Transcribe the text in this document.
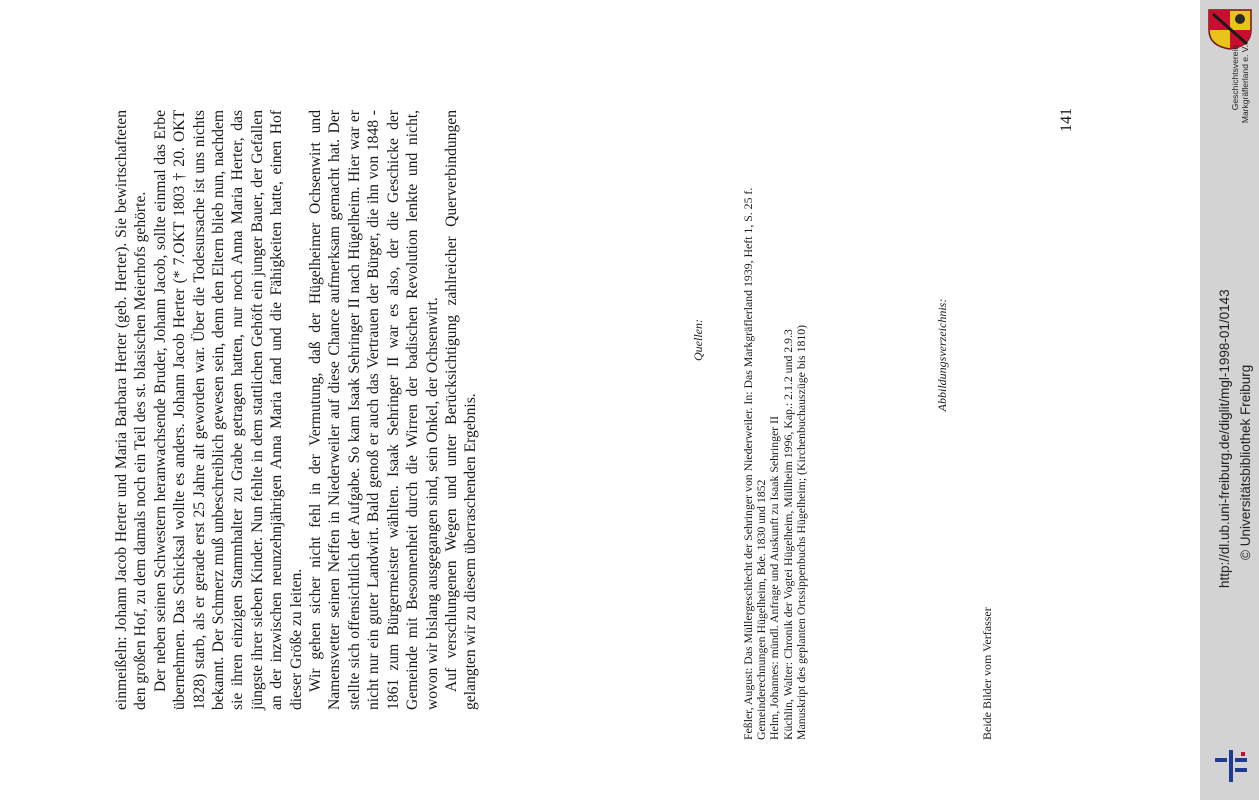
einmeißeln: Johann Jacob Herter und Maria Barbara Herter (geb. Herter). Sie bewirtschafteten den großen Hof, zu dem damals noch ein Teil des st. blasischen Meierhofs gehörte. Der neben seinen Schwestern heranwachsende Bruder, Johann Jacob, sollte einmal das Erbe übernehmen. Das Schicksal wollte es anders. Johann Jacob Herter (* 7.OKT 1803 † 20. OKT 1828) starb, als er gerade erst 25 Jahre alt geworden war. Über die Todesursache ist uns nichts bekannt. Der Schmerz muß unbeschreiblich gewesen sein, denn den Eltern blieb nun, nachdem sie ihren einzigen Stammhalter zu Grabe getragen hatten, nur noch Anna Maria Herter, das jüngste ihrer sieben Kinder. Nun fehlte in dem stattlichen Gehöft ein junger Bauer, der Gefallen an der inzwischen neunzehnjährigen Anna Maria fand und die Fähigkeiten hatte, einen Hof dieser Größe zu leiten. Wir gehen sicher nicht fehl in der Vermutung, daß der Hügelheimer Ochsenwirt und Namensvetter seinen Neffen in Niederweiler auf diese Chance aufmerksam gemacht hat. Der stellte sich offensichtlich der Aufgabe. So kam Isaak Sehringer II nach Hügelheim. Hier war er nicht nur ein guter Landwirt. Bald genoß er auch das Vertrauen der Bürger, die ihn von 1848 - 1861 zum Bürgermeister wählten. Isaak Sehringer II war es also, der die Geschicke der Gemeinde mit Besonnenheit durch die Wirren der badischen Revolution lenkte und nicht, wovon wir bislang ausgegangen sind, sein Onkel, der Ochsenwirt. Auf verschlungenen Wegen und unter Berücksichtigung zahlreicher Querverbindungen gelangten wir zu diesem überraschenden Ergebnis.

Quellen:	Feßler, August: Das Müllergeschlecht der Sehringer von Niederweiler. In: Das Markgräflerland 1939, Heft 1, S. 25 f. Gemeinderechnungen Hügelheim, Bde. 1830 und 1852 Helm, Johannes: mündl. Anfrage und Auskunft zu Isaak Sehringer II Küchlin, Walter: Chronik der Vogtei Hügelheim, Müllheim 1996, Kap.: 2.1.2 und 2.9.3 Manuskript des geplanten Ortssippenbuchs Hügelheim; (Kirchenbuchauszüge bis 1810)	Abbildungsverzeichnis:
Beide Bilder vom Verfasser
141
Geschichtsverein Markgräflerland e. V.
http://dl.ub.uni-freiburg.de/diglit/mgl-1998-01/0143 © Universitätsbibliothek Freiburg
